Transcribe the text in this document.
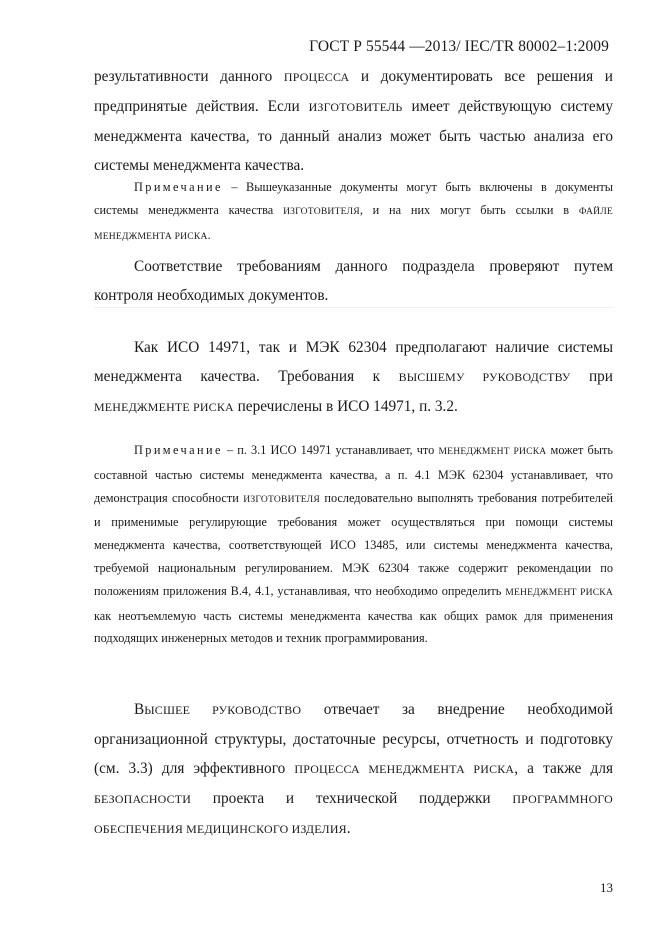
ГОСТ Р 55544 —2013/ IEC/TR 80002–1:2009

результативности данного ПРОЦЕССА и документировать все решения и предпринятые действия. Если ИЗГОТОВИТЕЛЬ имеет действующую систему менеджмента качества, то данный анализ может быть частью анализа его системы менеджмента качества.

Примечание – Вышеуказанные документы могут быть включены в документы системы менеджмента качества ИЗГОТОВИТЕЛЯ, и на них могут быть ссылки в ФАЙЛЕ МЕНЕДЖМЕНТА РИСКА.

Соответствие требованиям данного подраздела проверяют путем контроля необходимых документов.

Как ИСО 14971, так и МЭК 62304 предполагают наличие системы менеджмента качества. Требования к ВЫСШЕМУ РУКОВОДСТВУ при МЕНЕДЖМЕНТЕ РИСКА перечислены в ИСО 14971, п. 3.2.

Примечание – п. 3.1 ИСО 14971 устанавливает, что МЕНЕДЖМЕНТ РИСКА может быть составной частью системы менеджмента качества, а п. 4.1 МЭК 62304 устанавливает, что демонстрация способности ИЗГОТОВИТЕЛЯ последовательно выполнять требования потребителей и применимые регулирующие требования может осуществляться при помощи системы менеджмента качества, соответствующей ИСО 13485, или системы менеджмента качества, требуемой национальным регулированием. МЭК 62304 также содержит рекомендации по положениям приложения В.4, 4.1, устанавливая, что необходимо определить МЕНЕДЖМЕНТ РИСКА как неотъемлемую часть системы менеджмента качества как общих рамок для применения подходящих инженерных методов и техник программирования.

ВЫСШЕЕ РУКОВОДСТВО отвечает за внедрение необходимой организационной структуры, достаточные ресурсы, отчетность и подготовку (см. 3.3) для эффективного ПРОЦЕССА МЕНЕДЖМЕНТА РИСКА, а также для БЕЗОПАСНОСТИ проекта и технической поддержки ПРОГРАММНОГО ОБЕСПЕЧЕНИЯ МЕДИЦИНСКОГО ИЗДЕЛИЯ.

13
